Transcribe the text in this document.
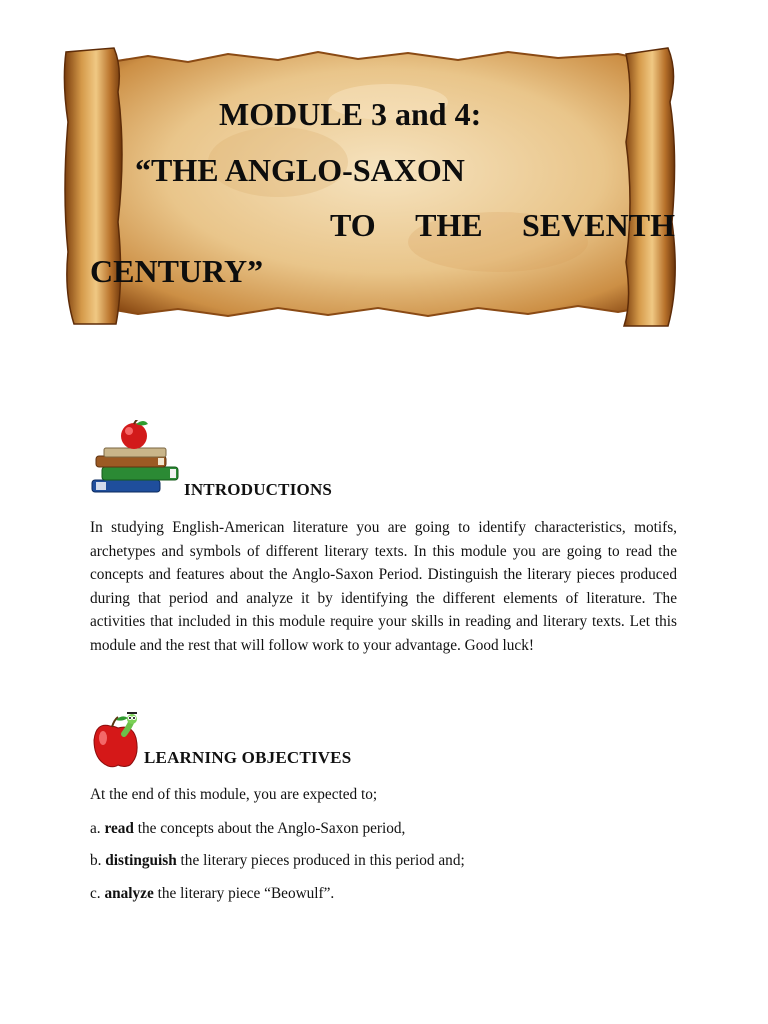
MODULE 3 and 4:

“THE ANGLO-SAXON

TO THE SEVENTH

CENTURY”

INTRODUCTIONS

In studying English-American literature you are going to identify characteristics, motifs, archetypes and symbols of different literary texts. In this module you are going to read the concepts and features about the Anglo-Saxon Period. Distinguish the literary pieces produced during that period and analyze it by identifying the different elements of literature. The activities that included in this module require your skills in reading and literary texts. Let this module and the rest that will follow work to your advantage. Good luck!

LEARNING OBJECTIVES

At the end of this module, you are expected to;

a. read the concepts about the Anglo-Saxon period,

b. distinguish the literary pieces produced in this period and;

c. analyze the literary piece “Beowulf”.
